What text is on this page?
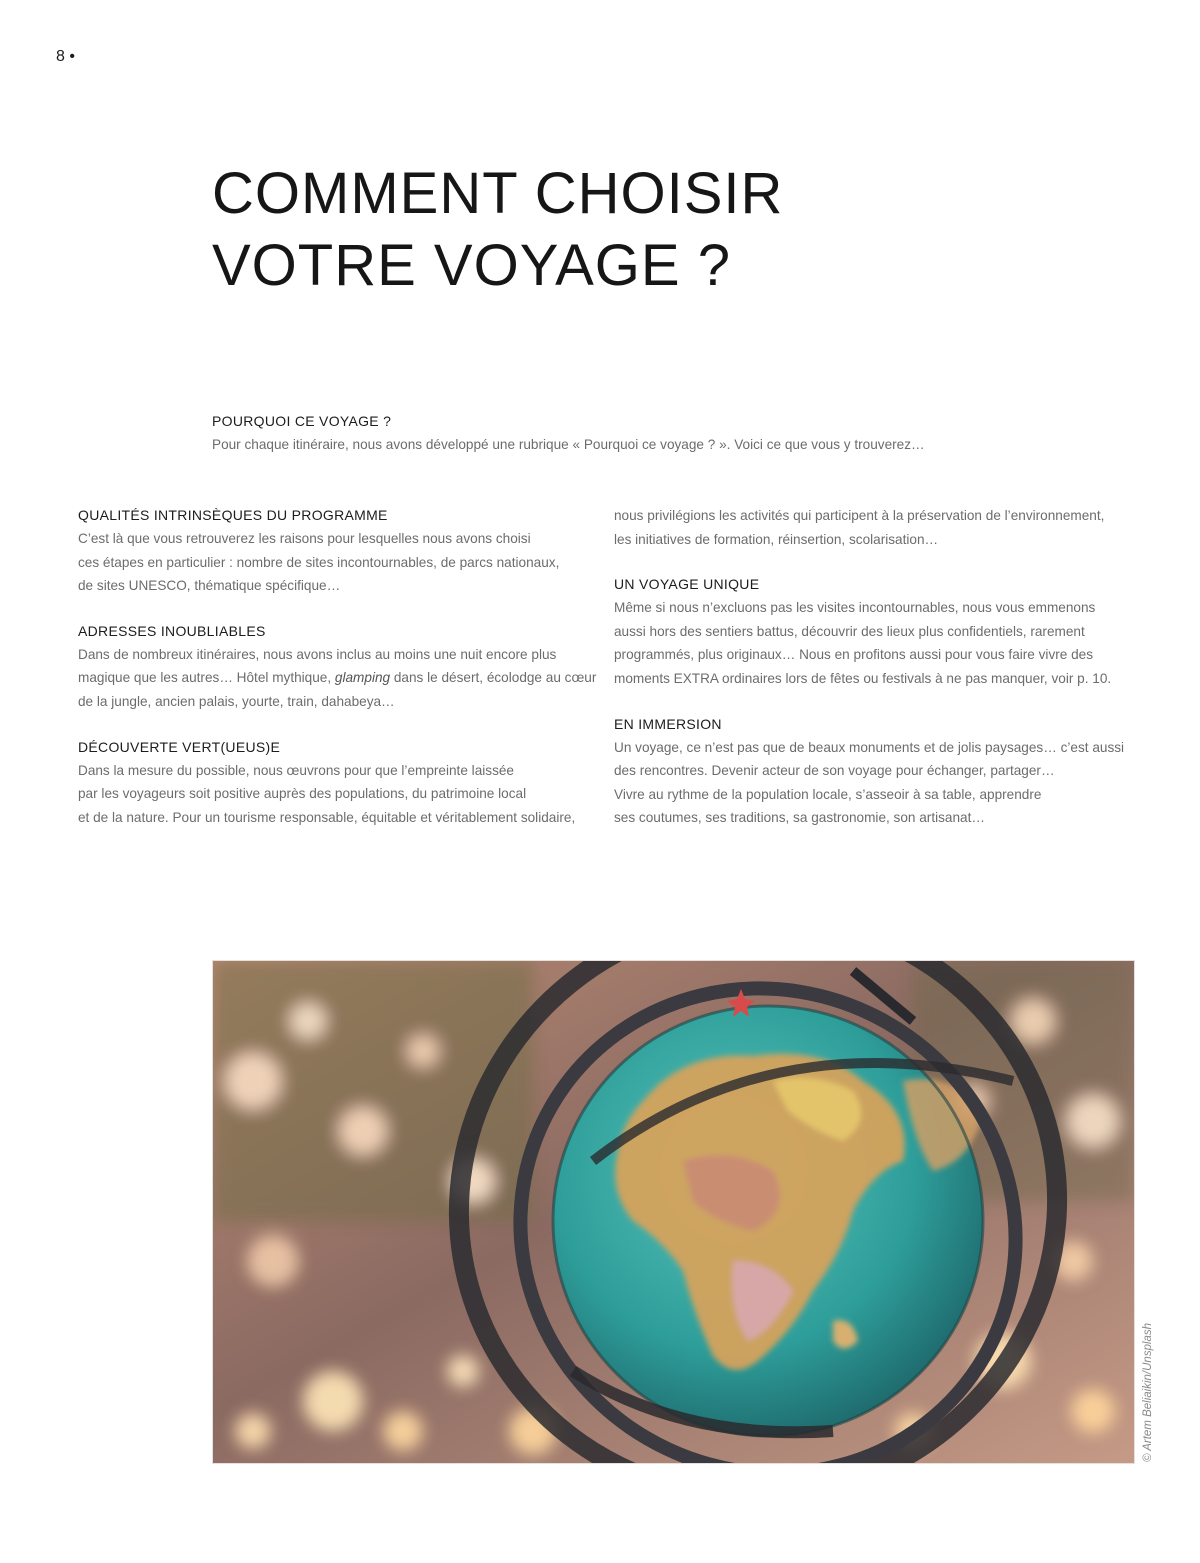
8 •
COMMENT CHOISIR
VOTRE VOYAGE ?

POURQUOI CE VOYAGE ?

Pour chaque itinéraire, nous avons développé une rubrique « Pourquoi ce voyage ? ». Voici ce que vous y trouverez…

QUALITÉS INTRINSÈQUES DU PROGRAMME

C’est là que vous retrouverez les raisons pour lesquelles nous avons choisi
ces étapes en particulier : nombre de sites incontournables, de parcs nationaux,
de sites UNESCO, thématique spécifique…

ADRESSES INOUBLIABLES

Dans de nombreux itinéraires, nous avons inclus au moins une nuit encore plus
magique que les autres… Hôtel mythique, glamping dans le désert, écolodge au cœur
de la jungle, ancien palais, yourte, train, dahabeya…

DÉCOUVERTE VERT(UEUS)E

Dans la mesure du possible, nous œuvrons pour que l’empreinte laissée
par les voyageurs soit positive auprès des populations, du patrimoine local
et de la nature. Pour un tourisme responsable, équitable et véritablement solidaire,

nous privilégions les activités qui participent à la préservation de l’environnement,
les initiatives de formation, réinsertion, scolarisation…

UN VOYAGE UNIQUE

Même si nous n’excluons pas les visites incontournables, nous vous emmenons
aussi hors des sentiers battus, découvrir des lieux plus confidentiels, rarement
programmés, plus originaux… Nous en profitons aussi pour vous faire vivre des
moments EXTRA ordinaires lors de fêtes ou festivals à ne pas manquer, voir p. 10.

EN IMMERSION

Un voyage, ce n’est pas que de beaux monuments et de jolis paysages… c’est aussi
des rencontres. Devenir acteur de son voyage pour échanger, partager…
Vivre au rythme de la population locale, s’asseoir à sa table, apprendre
ses coutumes, ses traditions, sa gastronomie, son artisanat…

© Artem Beliaikin/Unsplash
